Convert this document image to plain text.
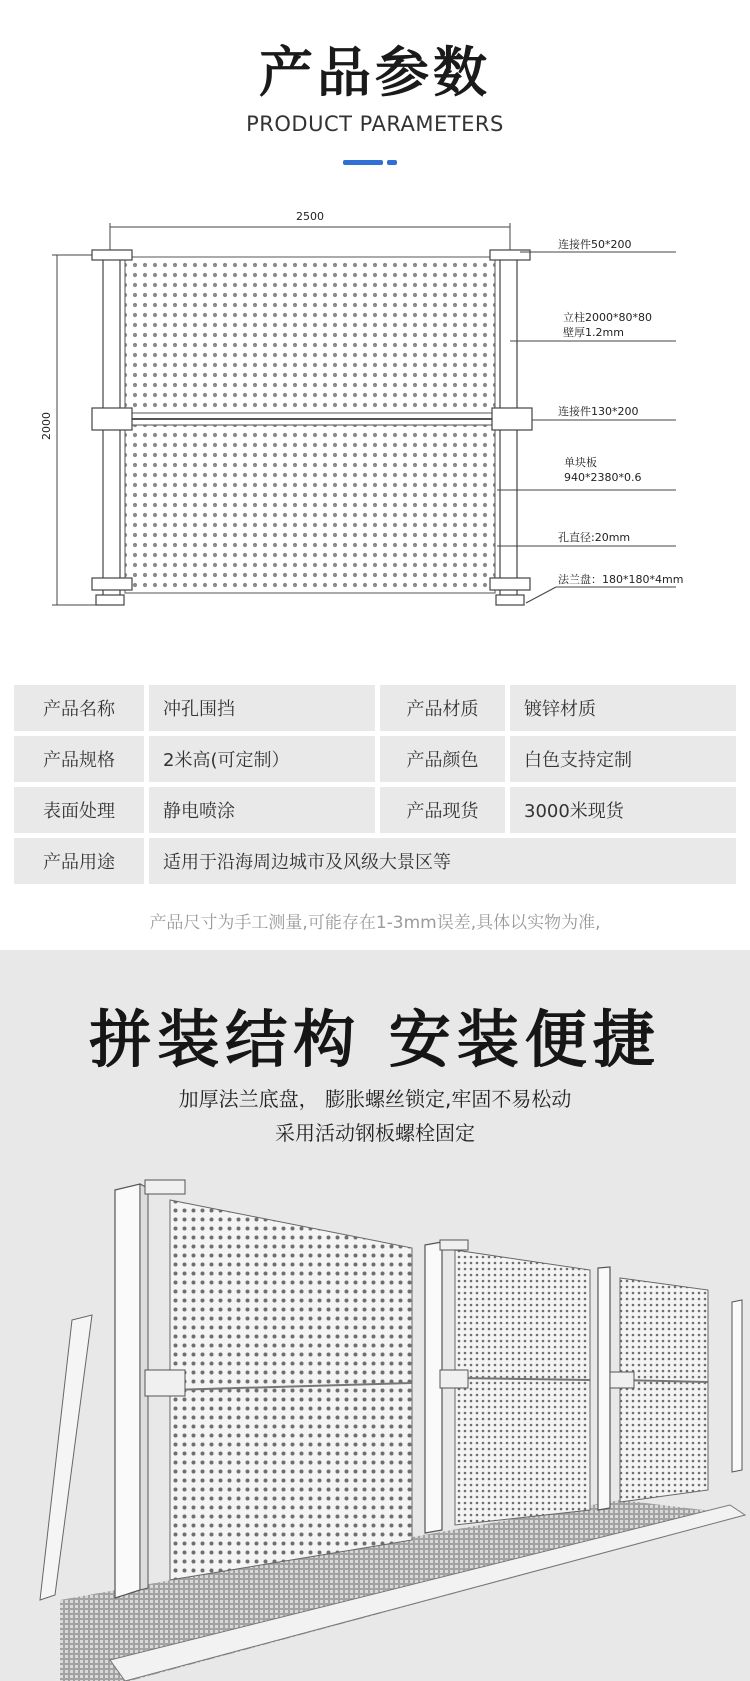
产品参数
PRODUCT PARAMETERS
2500
2000
连接件50*200
立柱2000*80*80
壁厚1.2mm
连接件130*200
单块板
940*2380*0.6
孔直径:20mm
法兰盘：180*180*4mm
产品名称	冲孔围挡	产品材质	镀锌材质
产品规格	2米高(可定制）	产品颜色	白色支持定制
表面处理	静电喷涂	产品现货	3000米现货
产品用途	适用于沿海周边城市及风级大景区等
产品尺寸为手工测量,可能存在1-3mm误差,具体以实物为准,
拼装结构 安装便捷
加厚法兰底盘， 膨胀螺丝锁定,牢固不易松动
采用活动钢板螺栓固定
